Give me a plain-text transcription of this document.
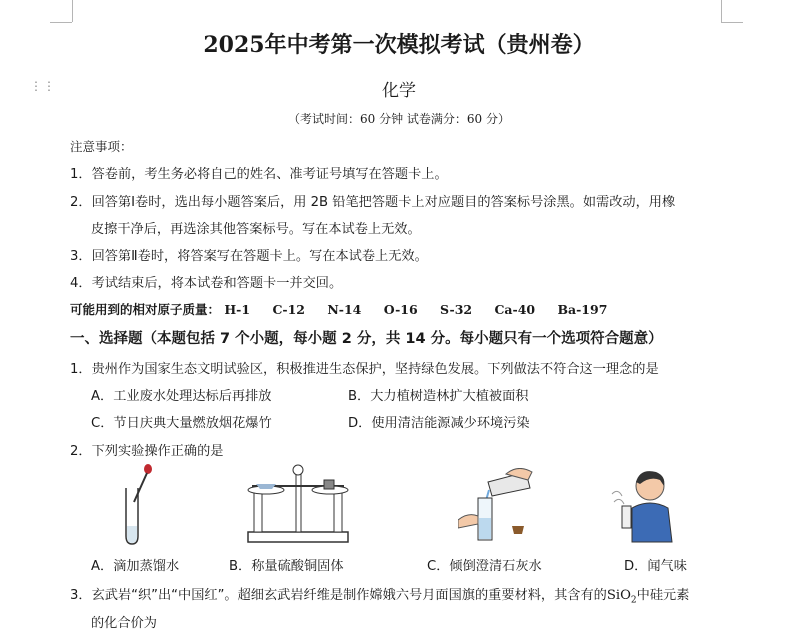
⋮⋮
2025年中考第一次模拟考试（贵州卷）
化学
（考试时间：60 分钟 试卷满分：60 分）
注意事项：
1．答卷前，考生务必将自己的姓名、准考证号填写在答题卡上。
2．回答第Ⅰ卷时，选出每小题答案后，用 2B 铅笔把答题卡上对应题目的答案标号涂黑。如需改动，用橡
皮擦干净后，再选涂其他答案标号。写在本试卷上无效。
3．回答第Ⅱ卷时，将答案写在答题卡上。写在本试卷上无效。
4．考试结束后，将本试卷和答题卡一并交回。
可能用到的相对原子质量： H-1 C-12 N-14 O-16 S-32 Ca-40 Ba-197
一、选择题（本题包括 7 个小题，每小题 2 分，共 14 分。每小题只有一个选项符合题意）
1．贵州作为国家生态文明试验区，积极推进生态保护，坚持绿色发展。下列做法不符合这一理念的是
A．工业废水处理达标后再排放	B．大力植树造林扩大植被面积
C．节日庆典大量燃放烟花爆竹	D．使用清洁能源减少环境污染
2．下列实验操作正确的是
A．滴加蒸馏水	B．称量硫酸铜固体	C．倾倒澄清石灰水	D．闻气味
3．玄武岩“织”出“中国红”。超细玄武岩纤维是制作嫦娥六号月面国旗的重要材料，其含有的SiO$_2$中硅元素
的化合价为
